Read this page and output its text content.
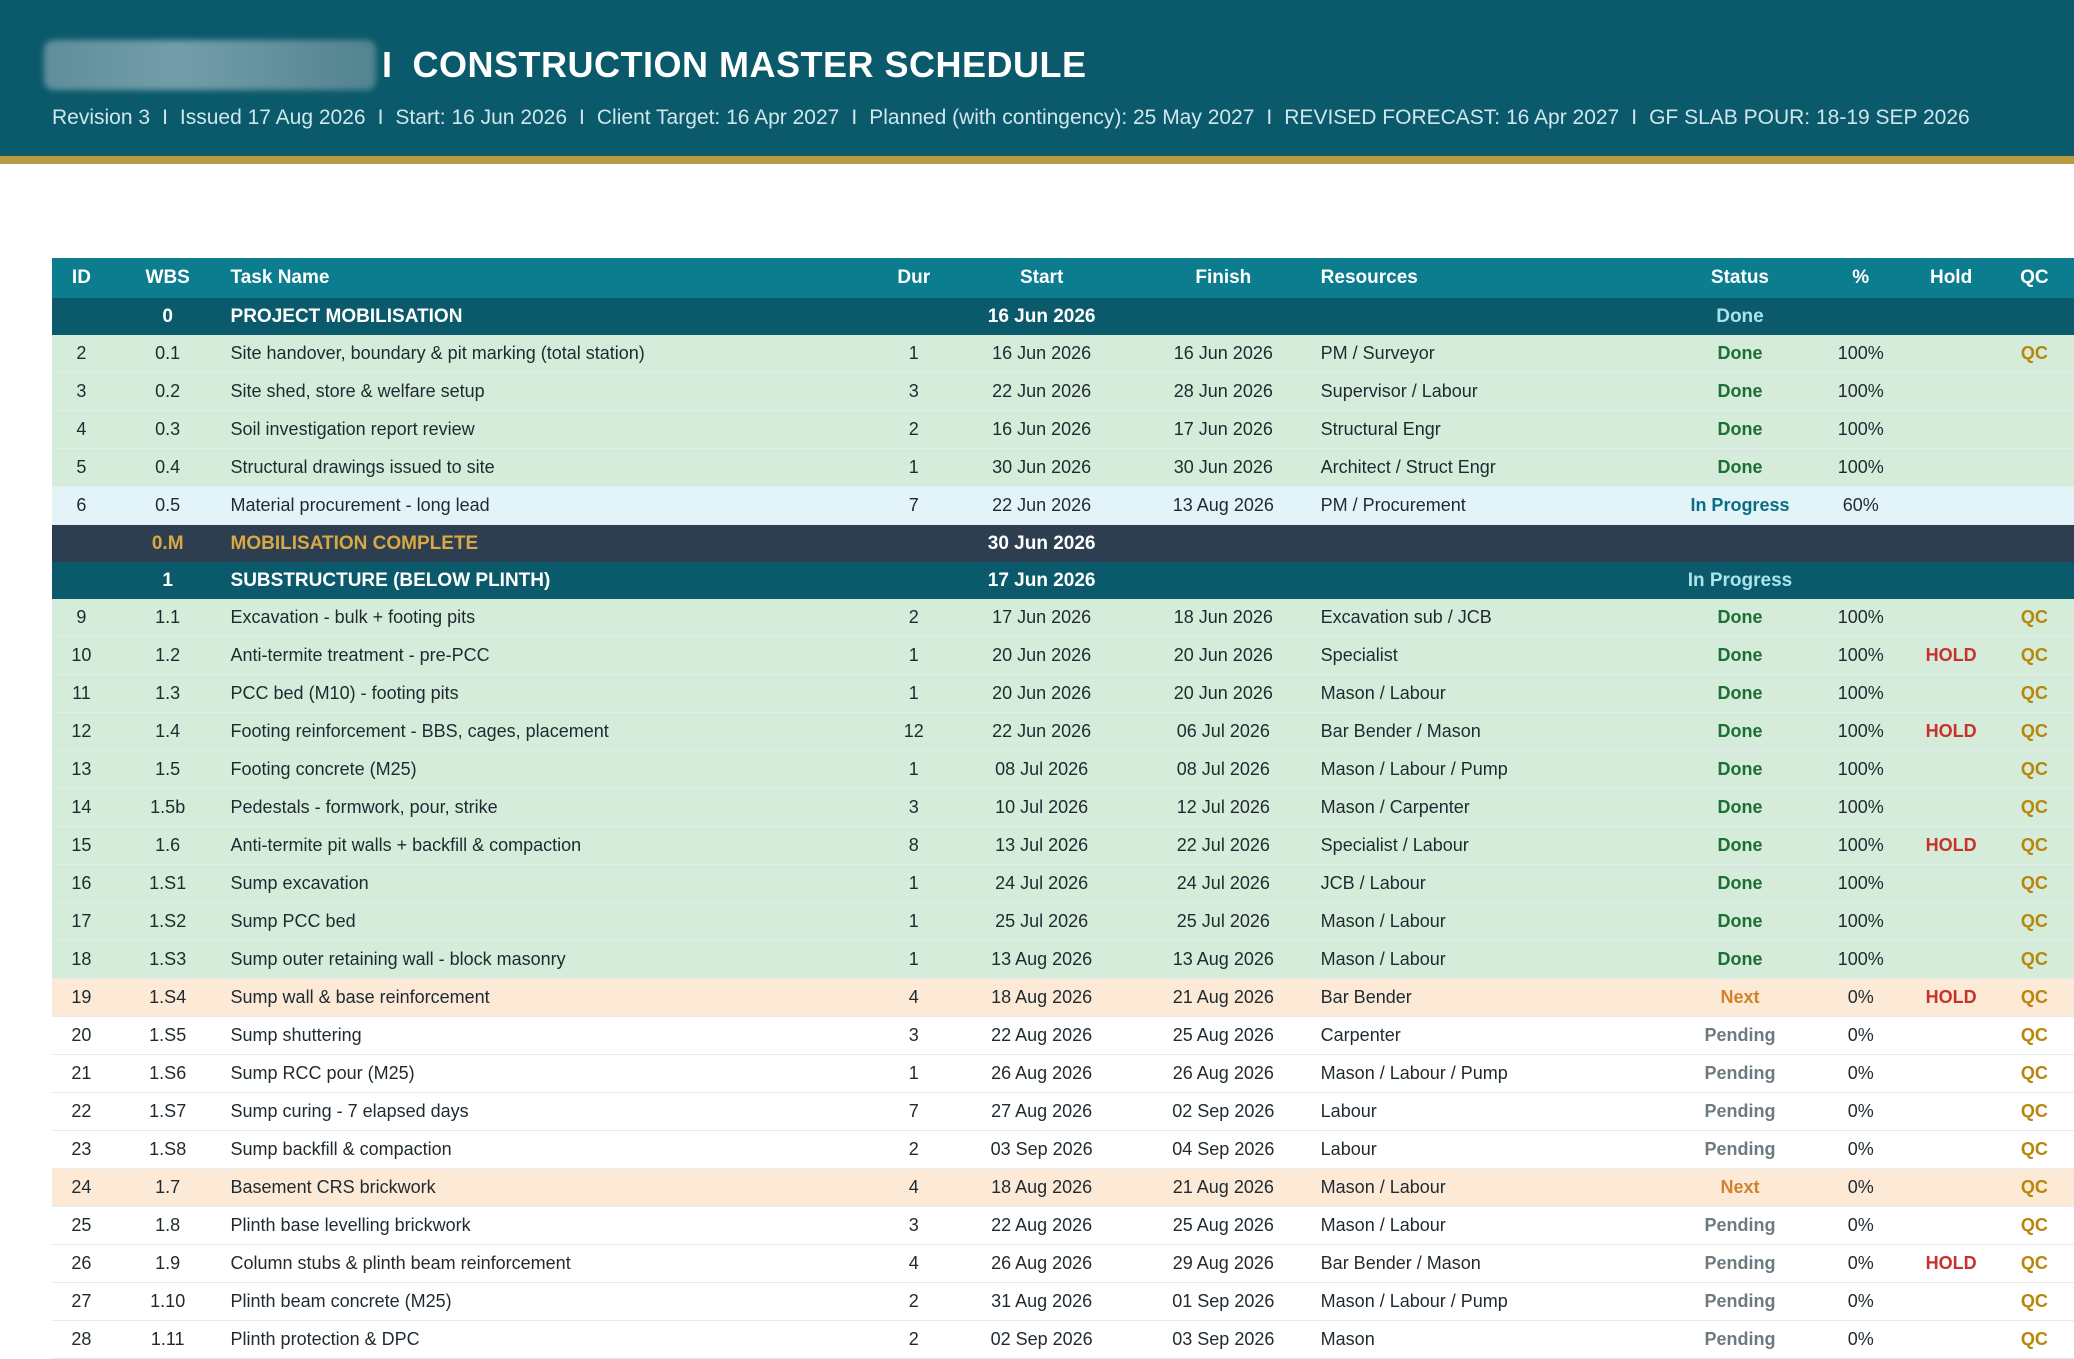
I CONSTRUCTION MASTER SCHEDULE
Revision 3 I Issued 17 Aug 2026 I Start: 16 Jun 2026 I Client Target: 16 Apr 2027 I Planned (with contingency): 25 May 2027 I REVISED FORECAST: 16 Apr 2027 I GF SLAB POUR: 18-19 SEP 2026
ID	WBS	Task Name	Dur	Start	Finish	Resources	Status	%	Hold	QC
	0	PROJECT MOBILISATION		16 Jun 2026			Done			
2	0.1	Site handover, boundary & pit marking (total station)	1	16 Jun 2026	16 Jun 2026	PM / Surveyor	Done	100%		QC
3	0.2	Site shed, store & welfare setup	3	22 Jun 2026	28 Jun 2026	Supervisor / Labour	Done	100%		
4	0.3	Soil investigation report review	2	16 Jun 2026	17 Jun 2026	Structural Engr	Done	100%		
5	0.4	Structural drawings issued to site	1	30 Jun 2026	30 Jun 2026	Architect / Struct Engr	Done	100%		
6	0.5	Material procurement - long lead	7	22 Jun 2026	13 Aug 2026	PM / Procurement	In Progress	60%		
	0.M	MOBILISATION COMPLETE		30 Jun 2026						
	1	SUBSTRUCTURE (BELOW PLINTH)		17 Jun 2026			In Progress			
9	1.1	Excavation - bulk + footing pits	2	17 Jun 2026	18 Jun 2026	Excavation sub / JCB	Done	100%		QC
10	1.2	Anti-termite treatment - pre-PCC	1	20 Jun 2026	20 Jun 2026	Specialist	Done	100%	HOLD	QC
11	1.3	PCC bed (M10) - footing pits	1	20 Jun 2026	20 Jun 2026	Mason / Labour	Done	100%		QC
12	1.4	Footing reinforcement - BBS, cages, placement	12	22 Jun 2026	06 Jul 2026	Bar Bender / Mason	Done	100%	HOLD	QC
13	1.5	Footing concrete (M25)	1	08 Jul 2026	08 Jul 2026	Mason / Labour / Pump	Done	100%		QC
14	1.5b	Pedestals - formwork, pour, strike	3	10 Jul 2026	12 Jul 2026	Mason / Carpenter	Done	100%		QC
15	1.6	Anti-termite pit walls + backfill & compaction	8	13 Jul 2026	22 Jul 2026	Specialist / Labour	Done	100%	HOLD	QC
16	1.S1	Sump excavation	1	24 Jul 2026	24 Jul 2026	JCB / Labour	Done	100%		QC
17	1.S2	Sump PCC bed	1	25 Jul 2026	25 Jul 2026	Mason / Labour	Done	100%		QC
18	1.S3	Sump outer retaining wall - block masonry	1	13 Aug 2026	13 Aug 2026	Mason / Labour	Done	100%		QC
19	1.S4	Sump wall & base reinforcement	4	18 Aug 2026	21 Aug 2026	Bar Bender	Next	0%	HOLD	QC
20	1.S5	Sump shuttering	3	22 Aug 2026	25 Aug 2026	Carpenter	Pending	0%		QC
21	1.S6	Sump RCC pour (M25)	1	26 Aug 2026	26 Aug 2026	Mason / Labour / Pump	Pending	0%		QC
22	1.S7	Sump curing - 7 elapsed days	7	27 Aug 2026	02 Sep 2026	Labour	Pending	0%		QC
23	1.S8	Sump backfill & compaction	2	03 Sep 2026	04 Sep 2026	Labour	Pending	0%		QC
24	1.7	Basement CRS brickwork	4	18 Aug 2026	21 Aug 2026	Mason / Labour	Next	0%		QC
25	1.8	Plinth base levelling brickwork	3	22 Aug 2026	25 Aug 2026	Mason / Labour	Pending	0%		QC
26	1.9	Column stubs & plinth beam reinforcement	4	26 Aug 2026	29 Aug 2026	Bar Bender / Mason	Pending	0%	HOLD	QC
27	1.10	Plinth beam concrete (M25)	2	31 Aug 2026	01 Sep 2026	Mason / Labour / Pump	Pending	0%		QC
28	1.11	Plinth protection & DPC	2	02 Sep 2026	03 Sep 2026	Mason	Pending	0%		QC
